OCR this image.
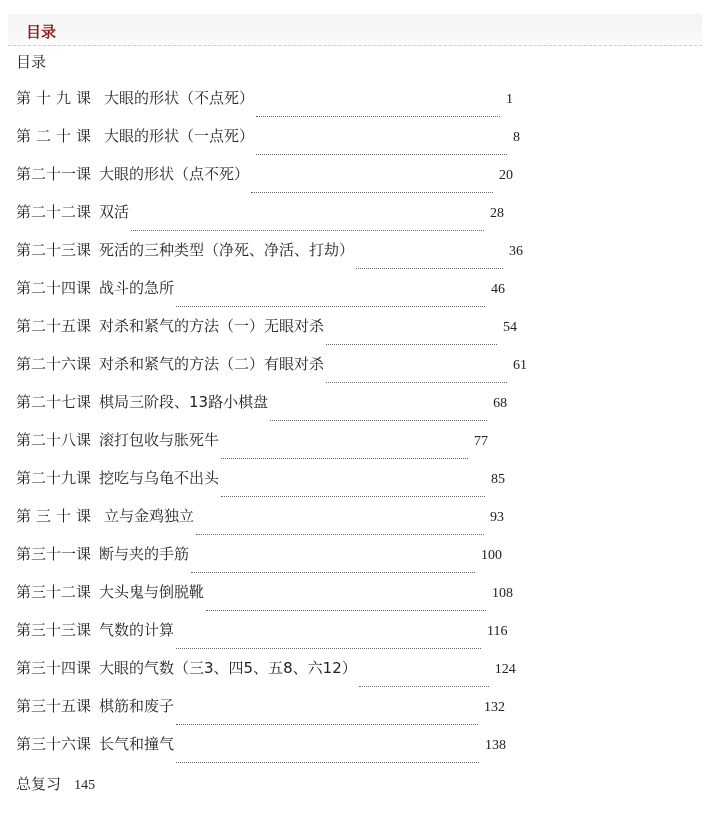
目录
目录
第十九课 大眼的形状（不点死）	1
第二十课 大眼的形状（一点死）	8
第二十一课 大眼的形状（点不死）	20
第二十二课 双活	28
第二十三课 死活的三种类型（净死、净活、打劫）	36
第二十四课 战斗的急所	46
第二十五课 对杀和紧气的方法（一）无眼对杀	54
第二十六课 对杀和紧气的方法（二）有眼对杀	61
第二十七课 棋局三阶段、13路小棋盘	68
第二十八课 滚打包收与胀死牛	77
第二十九课 挖吃与乌龟不出头	85
第三十课 立与金鸡独立	93
第三十一课 断与夹的手筋	100
第三十二课 大头鬼与倒脱靴	108
第三十三课 气数的计算	116
第三十四课 大眼的气数（三3、四5、五8、六12）	124
第三十五课 棋筋和废子	132
第三十六课 长气和撞气	138
总复习 145
